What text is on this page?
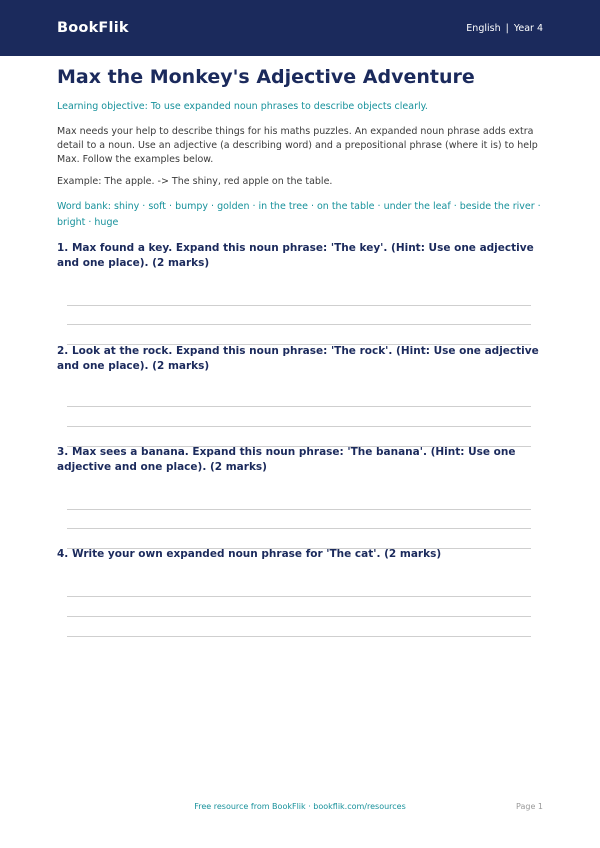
BookFlik	English | Year 4
Max the Monkey's Adjective Adventure

Learning objective: To use expanded noun phrases to describe objects clearly.

Max needs your help to describe things for his maths puzzles. An expanded noun phrase adds extra detail to a noun. Use an adjective (a describing word) and a prepositional phrase (where it is) to help Max. Follow the examples below.

Example: The apple. -> The shiny, red apple on the table.

Word bank: shiny · soft · bumpy · golden · in the tree · on the table · under the leaf · beside the river · bright · huge

1. Max found a key. Expand this noun phrase: 'The key'. (Hint: Use one adjective and one place). (2 marks)

2. Look at the rock. Expand this noun phrase: 'The rock'. (Hint: Use one adjective and one place). (2 marks)

3. Max sees a banana. Expand this noun phrase: 'The banana'. (Hint: Use one adjective and one place). (2 marks)

4. Write your own expanded noun phrase for 'The cat'. (2 marks)

Free resource from BookFlik · bookflik.com/resources	Page 1
